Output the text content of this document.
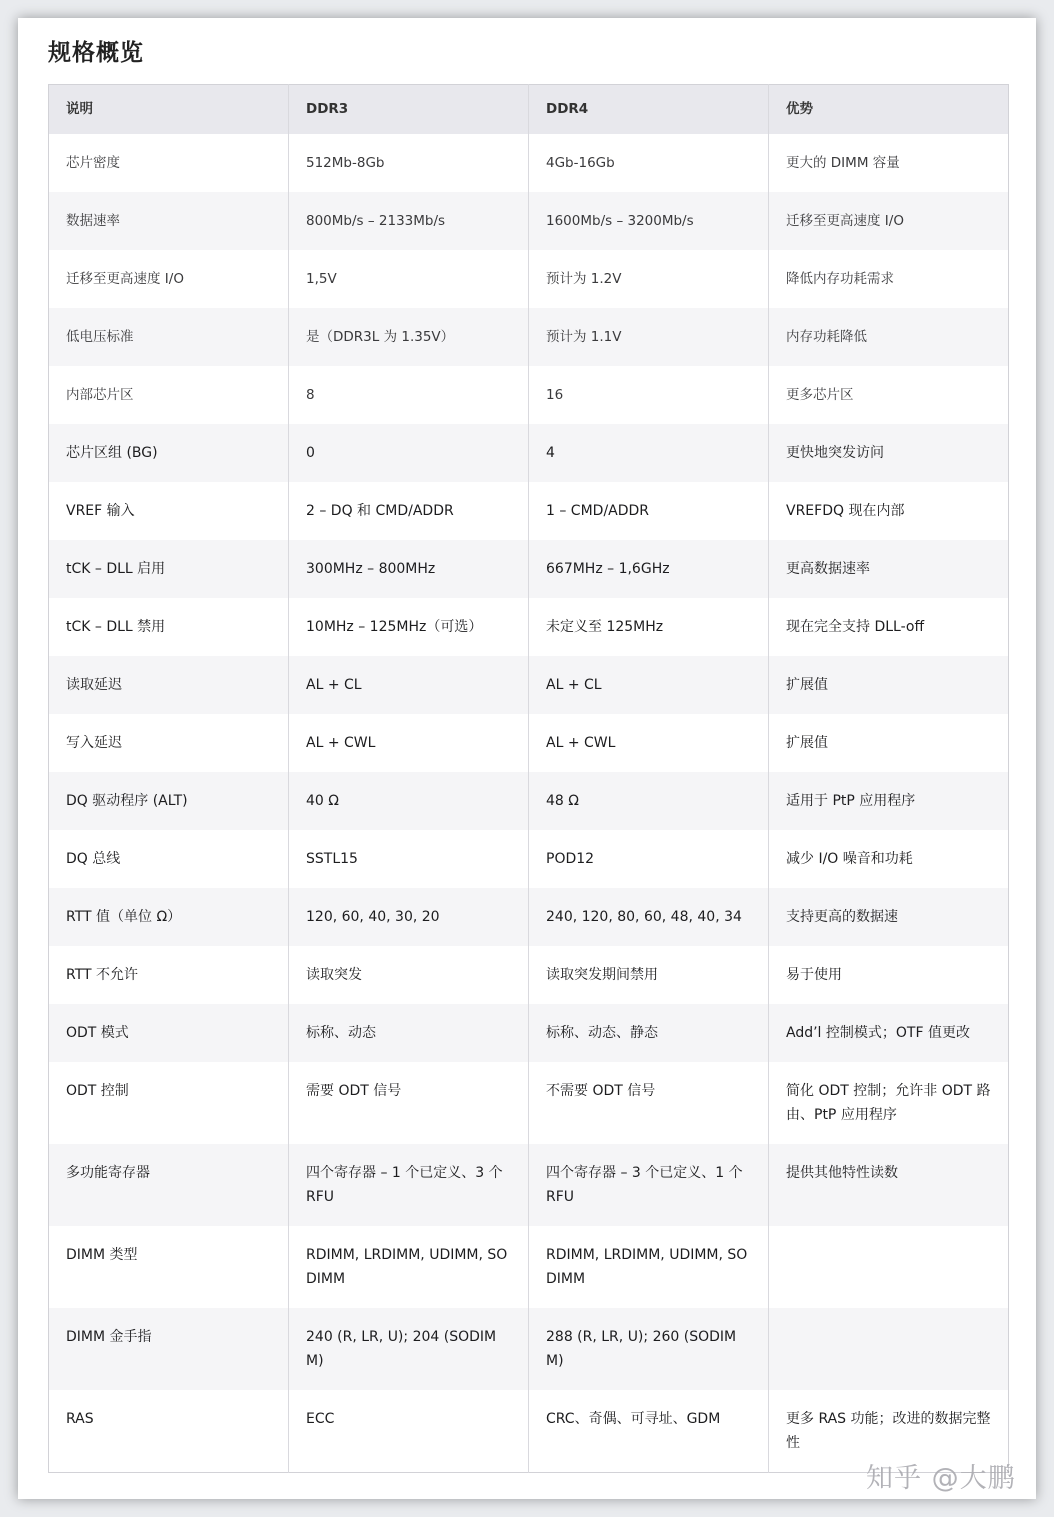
规格概览
说明	DDR3	DDR4	优势
芯片密度	512Mb-8Gb	4Gb-16Gb	更大的 DIMM 容量
数据速率	800Mb/s – 2133Mb/s	1600Mb/s – 3200Mb/s	迁移至更高速度 I/O
迁移至更高速度 I/O	1,5V	预计为 1.2V	降低内存功耗需求
低电压标准	是（DDR3L 为 1.35V）	预计为 1.1V	内存功耗降低
内部芯片区	8	16	更多芯片区
芯片区组 (BG)	0	4	更快地突发访问
VREF 输入	2 – DQ 和 CMD/ADDR	1 – CMD/ADDR	VREFDQ 现在内部
tCK – DLL 启用	300MHz – 800MHz	667MHz – 1,6GHz	更高数据速率
tCK – DLL 禁用	10MHz – 125MHz（可选）	未定义至 125MHz	现在完全支持 DLL-off
读取延迟	AL + CL	AL + CL	扩展值
写入延迟	AL + CWL	AL + CWL	扩展值
DQ 驱动程序 (ALT)	40 Ω	48 Ω	适用于 PtP 应用程序
DQ 总线	SSTL15	POD12	减少 I/O 噪音和功耗
RTT 值（单位 Ω）	120, 60, 40, 30, 20	240, 120, 80, 60, 48, 40, 34	支持更高的数据速
RTT 不允许	读取突发	读取突发期间禁用	易于使用
ODT 模式	标称、动态	标称、动态、静态	Add’l 控制模式；OTF 值更改
ODT 控制	需要 ODT 信号	不需要 ODT 信号	简化 ODT 控制；允许非 ODT 路由、PtP 应用程序
多功能寄存器	四个寄存器 – 1 个已定义、3 个 RFU	四个寄存器 – 3 个已定义、1 个 RFU	提供其他特性读数
DIMM 类型	RDIMM, LRDIMM, UDIMM, SODIMM	RDIMM, LRDIMM, UDIMM, SODIMM	
DIMM 金手指	240 (R, LR, U); 204 (SODIMM)	288 (R, LR, U); 260 (SODIMM)	
RAS	ECC	CRC、奇偶、可寻址、GDM	更多 RAS 功能；改进的数据完整性
知乎 @大鹏
